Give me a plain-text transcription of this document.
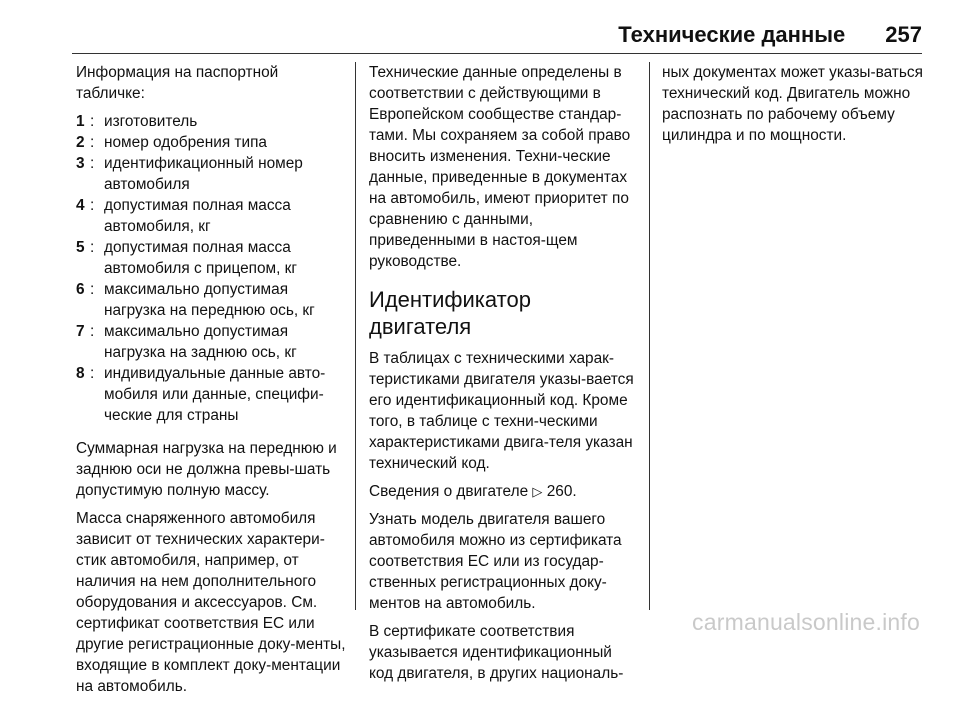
Технические данные 257

Информация на паспортной табличке:

1 : изготовитель
2 : номер одобрения типа
3 : идентификационный номер автомобиля
4 : допустимая полная масса автомобиля, кг
5 : допустимая полная масса автомобиля с прицепом, кг
6 : максимально допустимая нагрузка на переднюю ось, кг
7 : максимально допустимая нагрузка на заднюю ось, кг
8 : индивидуальные данные авто-мобиля или данные, специфи-ческие для страны

Суммарная нагрузка на переднюю и заднюю оси не должна превы-шать допустимую полную массу.

Масса снаряженного автомобиля зависит от технических характери-стик автомобиля, например, от наличия на нем дополнительного оборудования и аксессуаров. См. сертификат соответствия ЕС или другие регистрационные доку-менты, входящие в комплект доку-ментации на автомобиль.

Технические данные определены в соответствии с действующими в Европейском сообществе стандар-тами. Мы сохраняем за собой право вносить изменения. Техни-ческие данные, приведенные в документах на автомобиль, имеют приоритет по сравнению с данными, приведенными в настоя-щем руководстве.

Идентификатор двигателя

В таблицах с техническими харак-теристиками двигателя указы-вается его идентификационный код. Кроме того, в таблице с техни-ческими характеристиками двига-теля указан технический код.

Сведения о двигателе ▷ 260.

Узнать модель двигателя вашего автомобиля можно из сертификата соответствия ЕС или из государ-ственных регистрационных доку-ментов на автомобиль.

В сертификате соответствия указывается идентификационный код двигателя, в других националь-

ных документах может указы-ваться технический код. Двигатель можно распознать по рабочему объему цилиндра и по мощности.

carmanualsonline.info
